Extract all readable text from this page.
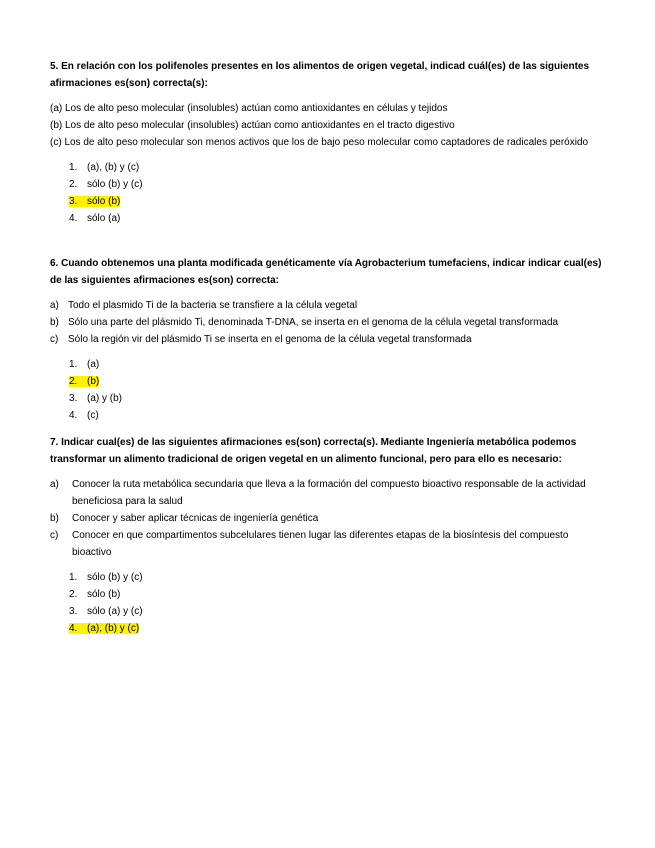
5. En relación con los polifenoles presentes en los alimentos de origen vegetal, indicad cuál(es) de las siguientes afirmaciones es(son) correcta(s):

(a) Los de alto peso molecular (insolubles) actúan como antioxidantes en células y tejidos

(b) Los de alto peso molecular (insolubles) actúan como antioxidantes en el tracto digestivo

(c) Los de alto peso molecular son menos activos que los de bajo peso molecular como captadores de radicales peróxido

1. (a), (b) y (c)
2. sólo (b) y (c)
3. sólo (b)
4. sólo (a)

6. Cuando obtenemos una planta modificada genéticamente vía Agrobacterium tumefaciens, indicar indicar cual(es) de las siguientes afirmaciones es(son) correcta:

a) Todo el plasmido Ti de la bacteria se transfiere a la célula vegetal
b) Sólo una parte del plásmido Ti, denominada T-DNA, se inserta en el genoma de la célula vegetal transformada
c) Sólo la región vir del plásmido Ti se inserta en el genoma de la célula vegetal transformada
1. (a)
2. (b)
3. (a) y (b)
4. (c)

7. Indicar cual(es) de las siguientes afirmaciones es(son) correcta(s). Mediante Ingeniería metabólica podemos transformar un alimento tradicional de origen vegetal en un alimento funcional, pero para ello es necesario:

a)	Conocer la ruta metabólica secundaria que lleva a la formación del compuesto bioactivo responsable de la actividad beneficiosa para la salud
b)	Conocer y saber aplicar técnicas de ingeniería genética
c)	Conocer en que compartimentos subcelulares tienen lugar las diferentes etapas de la biosíntesis del compuesto bioactivo
1. sólo (b) y (c)
2. sólo (b)
3. sólo (a) y (c)
4. (a), (b) y (c)
